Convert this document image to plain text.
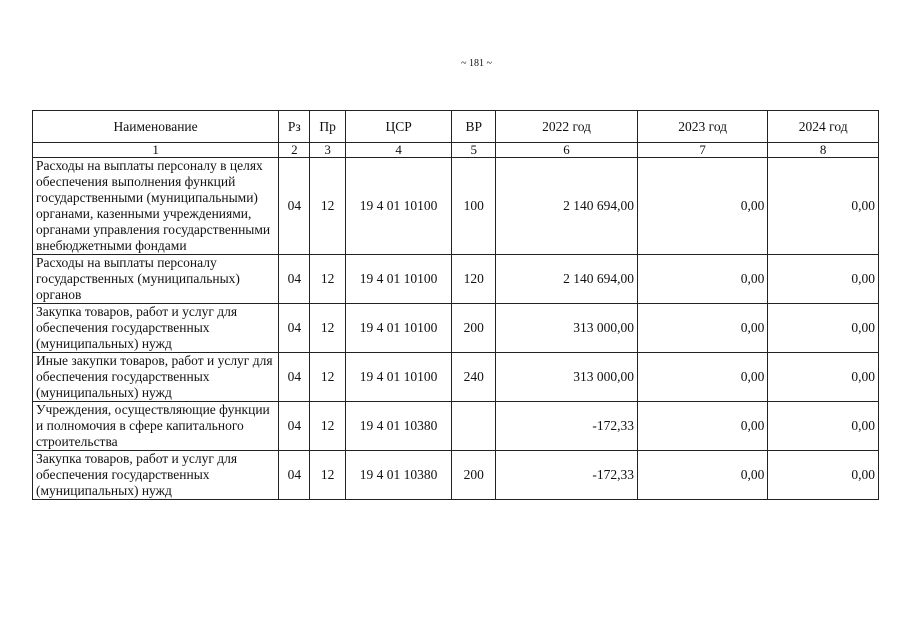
~ 181 ~
Наименование	Рз	Пр	ЦСР	ВР	2022 год	2023 год	2024 год
1	2	3	4	5	6	7	8
Расходы на выплаты персоналу в целях обеспечения выполнения функций государственными (муниципальными) органами, казенными учреждениями, органами управления государственными внебюджетными фондами	04	12	19 4 01 10100	100	2 140 694,00	0,00	0,00
Расходы на выплаты персоналу государственных (муниципальных) органов	04	12	19 4 01 10100	120	2 140 694,00	0,00	0,00
Закупка товаров, работ и услуг для обеспечения государственных (муниципальных) нужд	04	12	19 4 01 10100	200	313 000,00	0,00	0,00
Иные закупки товаров, работ и услуг для обеспечения государственных (муниципальных) нужд	04	12	19 4 01 10100	240	313 000,00	0,00	0,00
Учреждения, осуществляющие функции и полномочия в сфере капитального строительства	04	12	19 4 01 10380		-172,33	0,00	0,00
Закупка товаров, работ и услуг для обеспечения государственных (муниципальных) нужд	04	12	19 4 01 10380	200	-172,33	0,00	0,00
